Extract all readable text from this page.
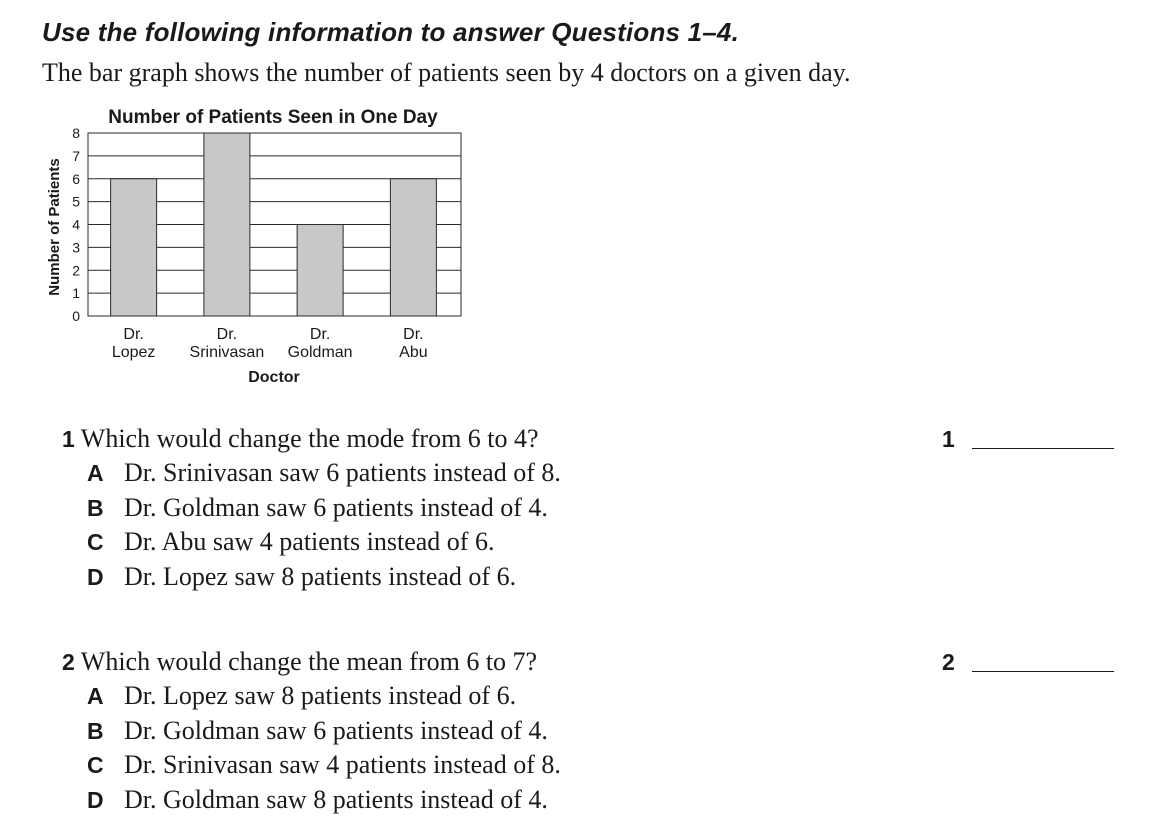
Use the following information to answer Questions 1–4.
The bar graph shows the number of patients seen by 4 doctors on a given day.
Number of Patients Seen in One Day
Number of Patients
Doctor
0
1
2
3
4
5
6
7
8
Dr. Lopez
Dr. Srinivasan
Dr. Goldman
Dr. Abu
1 Which would change the mode from 6 to 4?	1
A Dr. Srinivasan saw 6 patients instead of 8.
B Dr. Goldman saw 6 patients instead of 4.
C Dr. Abu saw 4 patients instead of 6.
D Dr. Lopez saw 8 patients instead of 6.
2 Which would change the mean from 6 to 7?	2
A Dr. Lopez saw 8 patients instead of 6.
B Dr. Goldman saw 6 patients instead of 4.
C Dr. Srinivasan saw 4 patients instead of 8.
D Dr. Goldman saw 8 patients instead of 4.
